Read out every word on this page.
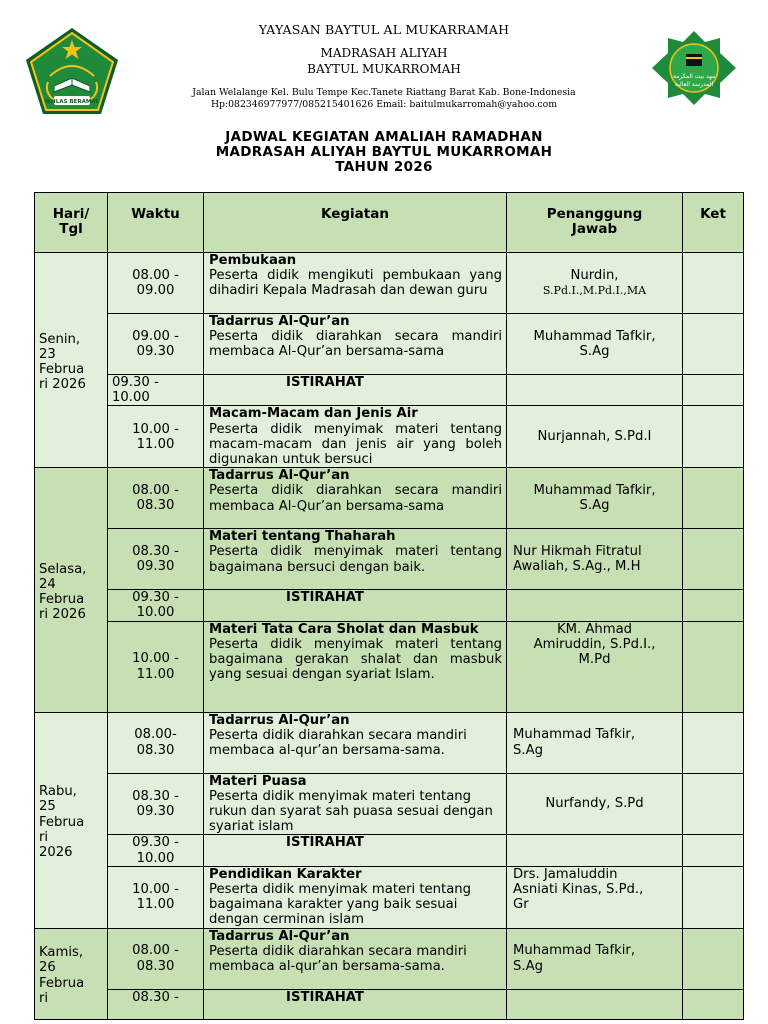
IKHLAS BERAMAL
YAYASAN BAYTUL AL MUKARRAMAH
MADRASAH ALIYAH
BAYTUL MUKARROMAH
Jalan Welalange Kel. Bulu Tempe Kec.Tanete Riattang Barat Kab. Bone-Indonesia
Hp:082346977977/085215401626 Email: baitulmukarromah@yahoo.com
مهد بيت المكرمة
المدرسة العالية
JADWAL KEGIATAN AMALIAH RAMADHAN
MADRASAH ALIYAH BAYTUL MUKARROMAH
TAHUN 2026
Hari/
Tgl	Waktu	Kegiatan	Penanggung
Jawab	Ket
Senin,
23
Februa
ri 2026	08.00 -
09.00	Pembukaan
Peserta didik mengikuti pembukaan yang dihadiri Kepala Madrasah dan dewan guru	Nurdin,
S.Pd.I.,M.Pd.I.,MA	

	09.00 -
09.30	Tadarrus Al-Qur’an
Peserta didik diarahkan secara mandiri membaca Al-Qur’an bersama-sama	Muhammad Tafkir,
S.Ag	
	09.30 -
10.00	ISTIRAHAT		
	10.00 -
11.00	Macam-Macam dan Jenis Air
Peserta didik menyimak materi tentang macam-macam dan jenis air yang boleh digunakan untuk bersuci	Nurjannah, S.Pd.I	
Selasa,
24
Februa
ri 2026	08.00 -
08.30	Tadarrus Al-Qur’an
Peserta didik diarahkan secara mandiri membaca Al-Qur’an bersama-sama	Muhammad Tafkir,
S.Ag	
	08.30 -
09.30	Materi tentang Thaharah
Peserta didik menyimak materi tentang bagaimana bersuci dengan baik.	Nur Hikmah Fitratul
Awaliah, S.Ag., M.H	
	09.30 -
10.00	ISTIRAHAT		
	10.00 -
11.00	Materi Tata Cara Sholat dan Masbuk
Peserta didik menyimak materi tentang bagaimana gerakan shalat dan masbuk yang sesuai dengan syariat Islam.	KM. Ahmad
Amiruddin, S.Pd.I.,
M.Pd	
Rabu,
25
Februa
ri
2026	08.00-
08.30	Tadarrus Al-Qur’an
Peserta didik diarahkan secara mandiri membaca al-qur’an bersama-sama.	Muhammad Tafkir,
S.Ag	
	08.30 -
09.30	Materi Puasa
Peserta didik menyimak materi tentang rukun dan syarat sah puasa sesuai dengan syariat islam	Nurfandy, S.Pd	
	09.30 -
10.00	ISTIRAHAT		
	10.00 -
11.00	Pendidikan Karakter
Peserta didik menyimak materi tentang bagaimana karakter yang baik sesuai dengan cerminan islam	Drs. Jamaluddin
Asniati Kinas, S.Pd.,
Gr	
Kamis,
26
Februa
ri	08.00 -
08.30	Tadarrus Al-Qur’an
Peserta didik diarahkan secara mandiri membaca al-qur’an bersama-sama.	Muhammad Tafkir,
S.Ag	
	08.30 -	ISTIRAHAT		
